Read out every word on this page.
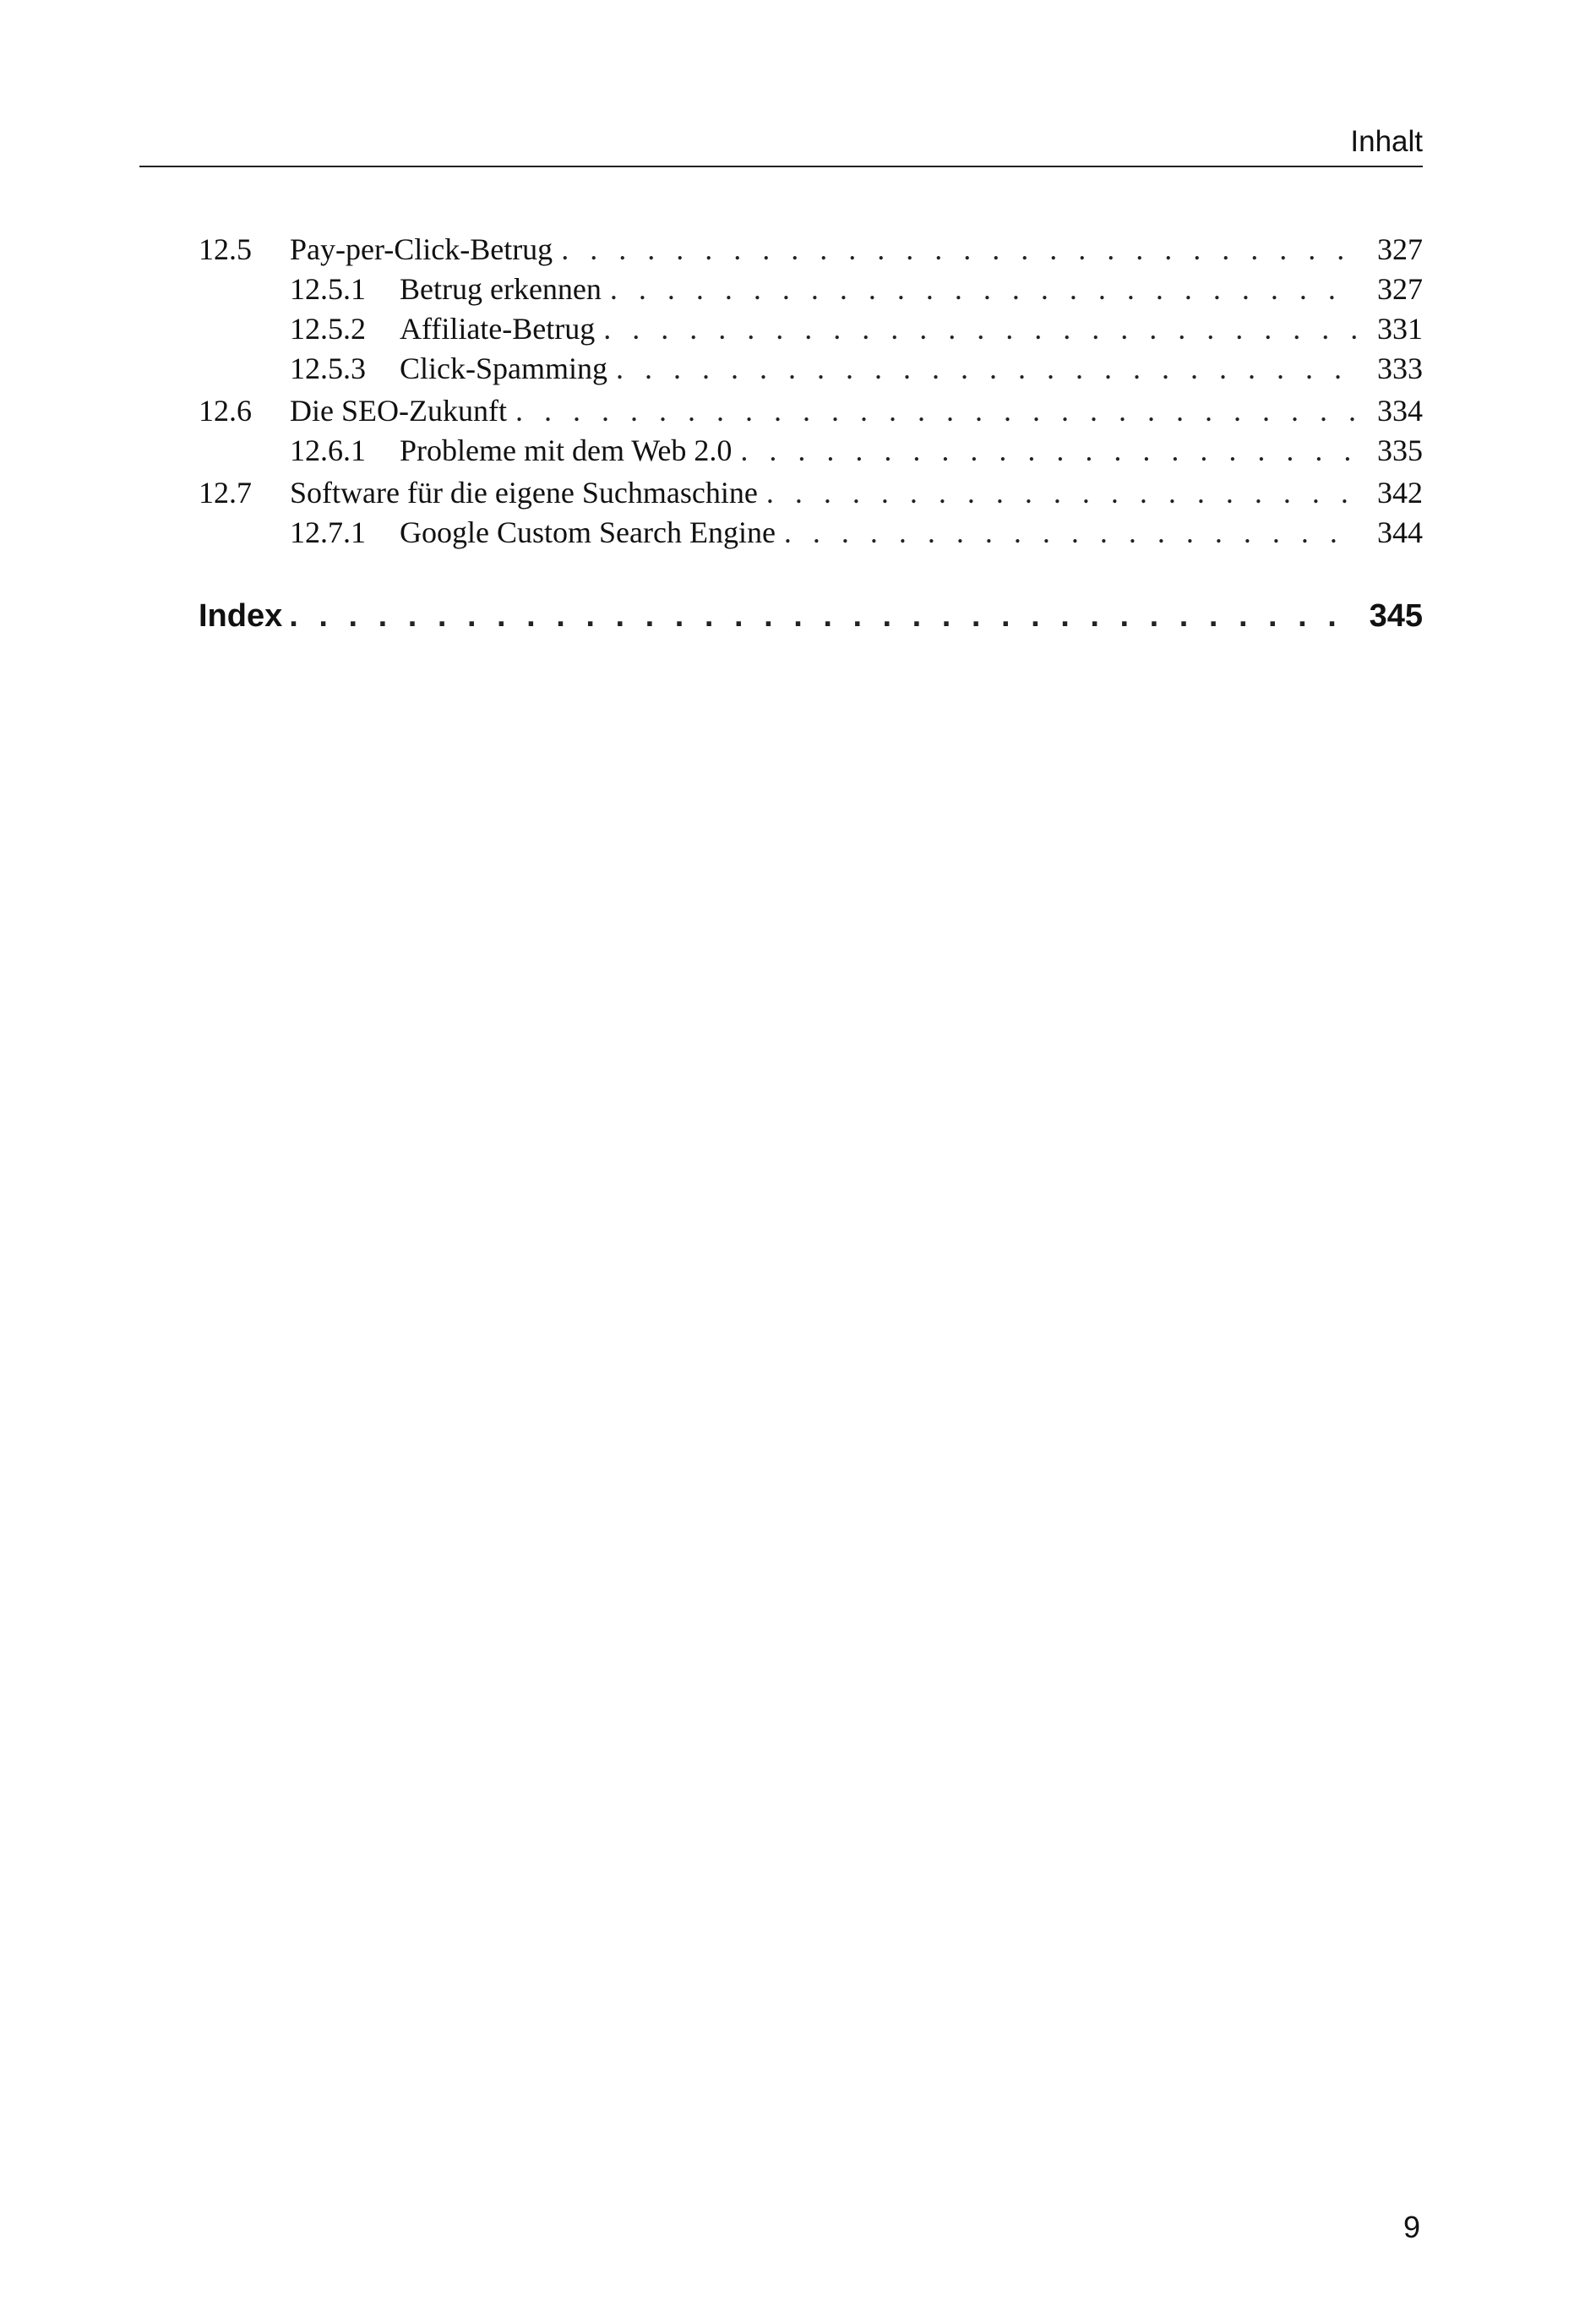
Inhalt
12.5	Pay-per-Click-Betrug . . .	327
12.5.1	Betrug erkennen . . .	327
12.5.2	Affiliate-Betrug . . .	331
12.5.3	Click-Spamming . . .	333
12.6	Die SEO-Zukunft . . .	334
12.6.1	Probleme mit dem Web 2.0 . . .	335
12.7	Software für die eigene Suchmaschine . . .	342
12.7.1	Google Custom Search Engine . . .	344
Index . . .	345
9
